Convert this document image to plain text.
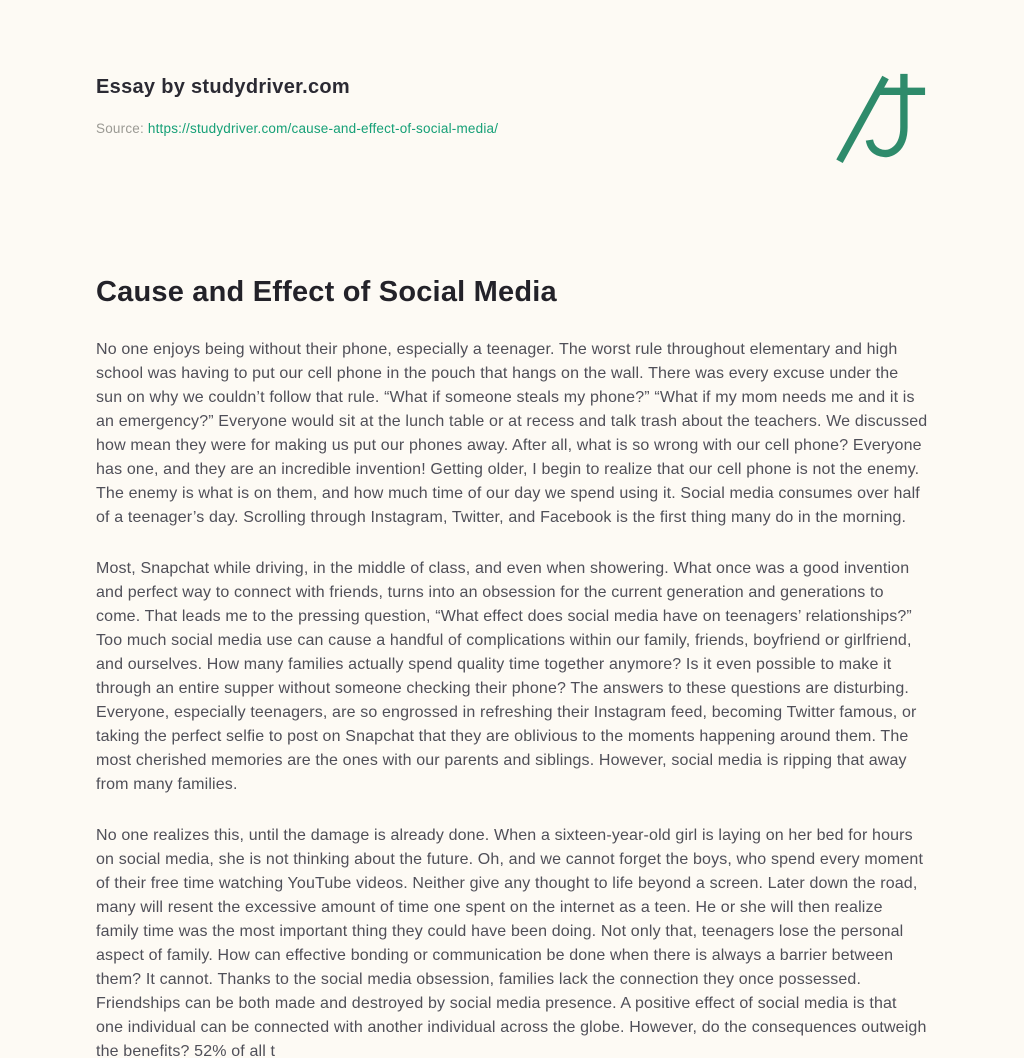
Essay by studydriver.com
Source: https://studydriver.com/cause-and-effect-of-social-media/
Cause and Effect of Social Media

No one enjoys being without their phone, especially a teenager. The worst rule throughout elementary and high school was having to put our cell phone in the pouch that hangs on the wall. There was every excuse under the sun on why we couldn’t follow that rule. “What if someone steals my phone?” “What if my mom needs me and it is an emergency?” Everyone would sit at the lunch table or at recess and talk trash about the teachers. We discussed how mean they were for making us put our phones away. After all, what is so wrong with our cell phone? Everyone has one, and they are an incredible invention! Getting older, I begin to realize that our cell phone is not the enemy. The enemy is what is on them, and how much time of our day we spend using it. Social media consumes over half of a teenager’s day. Scrolling through Instagram, Twitter, and Facebook is the first thing many do in the morning.

Most, Snapchat while driving, in the middle of class, and even when showering. What once was a good invention and perfect way to connect with friends, turns into an obsession for the current generation and generations to come. That leads me to the pressing question, “What effect does social media have on teenagers’ relationships?” Too much social media use can cause a handful of complications within our family, friends, boyfriend or girlfriend, and ourselves. How many families actually spend quality time together anymore? Is it even possible to make it through an entire supper without someone checking their phone? The answers to these questions are disturbing. Everyone, especially teenagers, are so engrossed in refreshing their Instagram feed, becoming Twitter famous, or taking the perfect selfie to post on Snapchat that they are oblivious to the moments happening around them. The most cherished memories are the ones with our parents and siblings. However, social media is ripping that away from many families.

No one realizes this, until the damage is already done. When a sixteen-year-old girl is laying on her bed for hours on social media, she is not thinking about the future. Oh, and we cannot forget the boys, who spend every moment of their free time watching YouTube videos. Neither give any thought to life beyond a screen. Later down the road, many will resent the excessive amount of time one spent on the internet as a teen. He or she will then realize family time was the most important thing they could have been doing. Not only that, teenagers lose the personal aspect of family. How can effective bonding or communication be done when there is always a barrier between them? It cannot. Thanks to the social media obsession, families lack the connection they once possessed. Friendships can be both made and destroyed by social media presence. A positive effect of social media is that one individual can be connected with another individual across the globe. However, do the consequences outweigh the benefits? 52% of all t
